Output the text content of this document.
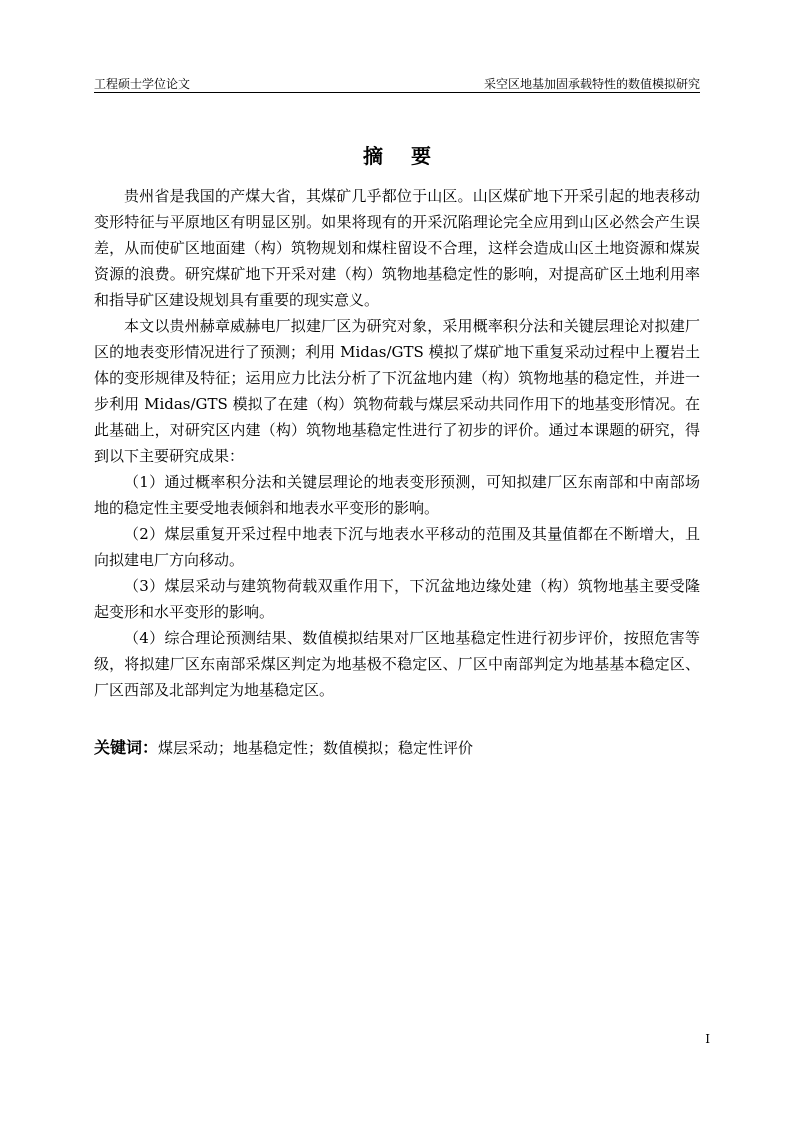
工程硕士学位论文	采空区地基加固承载特性的数值模拟研究
摘要

贵州省是我国的产煤大省，其煤矿几乎都位于山区。山区煤矿地下开采引起的地表移动变形特征与平原地区有明显区别。如果将现有的开采沉陷理论完全应用到山区必然会产生误差，从而使矿区地面建（构）筑物规划和煤柱留设不合理，这样会造成山区土地资源和煤炭资源的浪费。研究煤矿地下开采对建（构）筑物地基稳定性的影响，对提高矿区土地利用率和指导矿区建设规划具有重要的现实意义。

本文以贵州赫章威赫电厂拟建厂区为研究对象，采用概率积分法和关键层理论对拟建厂区的地表变形情况进行了预测；利用 Midas/GTS 模拟了煤矿地下重复采动过程中上覆岩土体的变形规律及特征；运用应力比法分析了下沉盆地内建（构）筑物地基的稳定性，并进一步利用 Midas/GTS 模拟了在建（构）筑物荷载与煤层采动共同作用下的地基变形情况。在此基础上，对研究区内建（构）筑物地基稳定性进行了初步的评价。通过本课题的研究，得到以下主要研究成果：

（1）通过概率积分法和关键层理论的地表变形预测，可知拟建厂区东南部和中南部场地的稳定性主要受地表倾斜和地表水平变形的影响。

（2）煤层重复开采过程中地表下沉与地表水平移动的范围及其量值都在不断增大，且向拟建电厂方向移动。

（3）煤层采动与建筑物荷载双重作用下，下沉盆地边缘处建（构）筑物地基主要受隆起变形和水平变形的影响。

（4）综合理论预测结果、数值模拟结果对厂区地基稳定性进行初步评价，按照危害等级，将拟建厂区东南部采煤区判定为地基极不稳定区、厂区中南部判定为地基基本稳定区、厂区西部及北部判定为地基稳定区。

关键词：煤层采动；地基稳定性；数值模拟；稳定性评价
I
